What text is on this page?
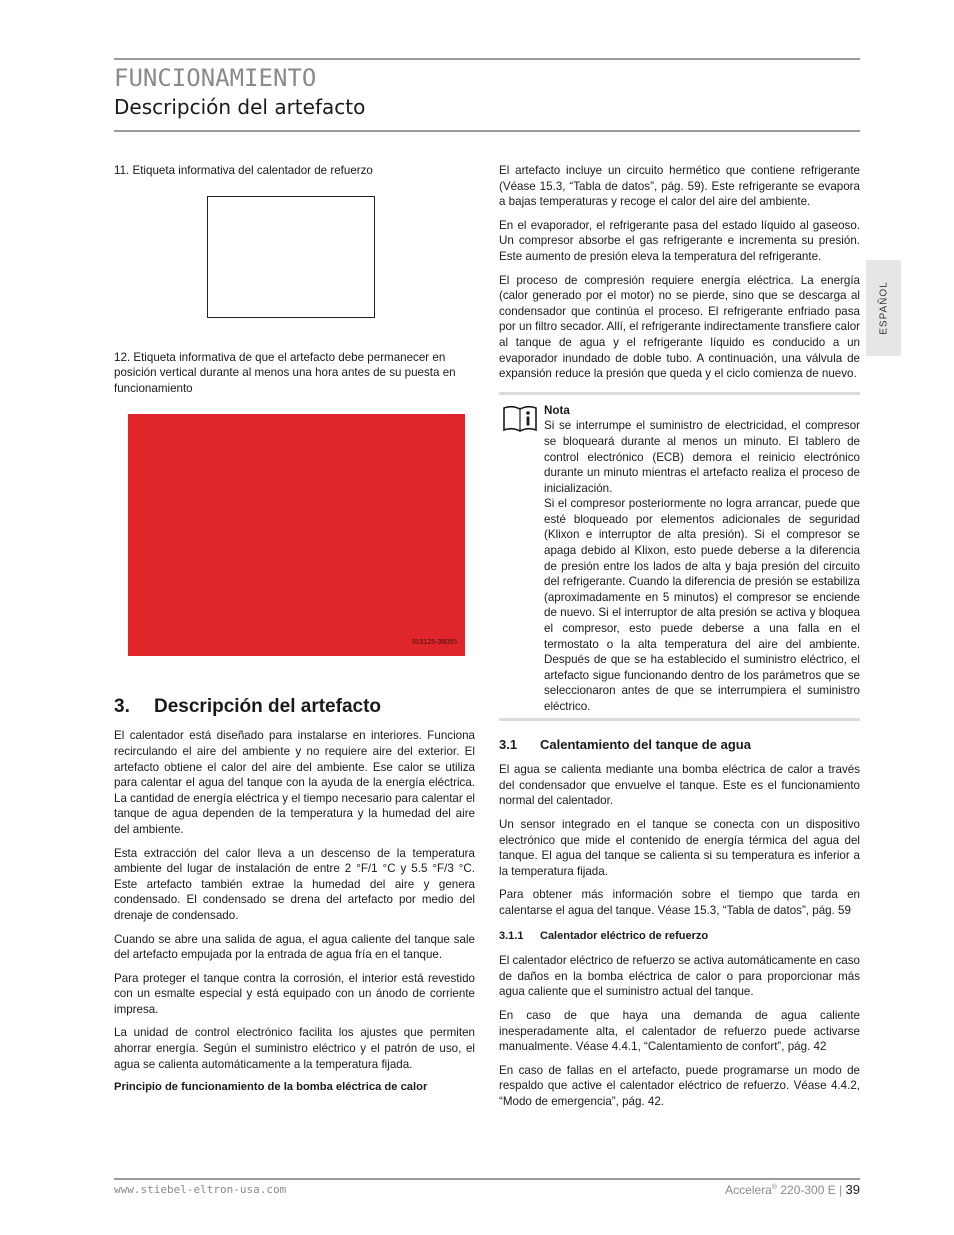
FUNCIONAMIENTO
Descripción del artefacto
ESPAÑOL

11. Etiqueta informativa del calentador de refuerzo

12. Etiqueta informativa de que el artefacto debe permanecer en posición vertical durante al menos una hora antes de su puesta en funcionamiento

315125-38055
3. Descripción del artefacto

El calentador está diseñado para instalarse en interiores. Funciona recirculando el aire del ambiente y no requiere aire del exterior. El artefacto obtiene el calor del aire del ambiente. Ese calor se utiliza para calentar el agua del tanque con la ayuda de la energía eléctrica. La cantidad de energía eléctrica y el tiempo necesario para calentar el tanque de agua dependen de la temperatura y la humedad del aire del ambiente.

Esta extracción del calor lleva a un descenso de la temperatura ambiente del lugar de instalación de entre 2 °F/1 °C y 5.5 °F/3 °C. Este artefacto también extrae la humedad del aire y genera condensado. El condensado se drena del artefacto por medio del drenaje de condensado.

Cuando se abre una salida de agua, el agua caliente del tanque sale del artefacto empujada por la entrada de agua fría en el tanque.

Para proteger el tanque contra la corrosión, el interior está revestido con un esmalte especial y está equipado con un ánodo de corriente impresa.

La unidad de control electrónico facilita los ajustes que permiten ahorrar energía. Según el suministro eléctrico y el patrón de uso, el agua se calienta automáticamente a la temperatura fijada.

Principio de funcionamiento de la bomba eléctrica de calor

El artefacto incluye un circuito hermético que contiene refrigerante (Véase 15.3, “Tabla de datos”, pág. 59). Este refrigerante se evapora a bajas temperaturas y recoge el calor del aire del ambiente.

En el evaporador, el refrigerante pasa del estado líquido al gaseoso. Un compresor absorbe el gas refrigerante e incrementa su presión. Este aumento de presión eleva la temperatura del refrigerante.

El proceso de compresión requiere energía eléctrica. La energía (calor generado por el motor) no se pierde, sino que se descarga al condensador que continúa el proceso. El refrigerante enfriado pasa por un filtro secador. Allí, el refrigerante indirectamente transfiere calor al tanque de agua y el refrigerante líquido es conducido a un evaporador inundado de doble tubo. A continuación, una válvula de expansión reduce la presión que queda y el ciclo comienza de nuevo.

Nota

Si se interrumpe el suministro de electricidad, el compresor se bloqueará durante al menos un minuto. El tablero de control electrónico (ECB) demora el reinicio electrónico durante un minuto mientras el artefacto realiza el proceso de inicialización.

Si el compresor posteriormente no logra arrancar, puede que esté bloqueado por elementos adicionales de seguridad (Klixon e interruptor de alta presión). Si el compresor se apaga debido al Klixon, esto puede deberse a la diferencia de presión entre los lados de alta y baja presión del circuito del refrigerante. Cuando la diferencia de presión se estabiliza (aproximadamente en 5 minutos) el compresor se enciende de nuevo. Si el interruptor de alta presión se activa y bloquea el compresor, esto puede deberse a una falla en el termostato o la alta temperatura del aire del ambiente. Después de que se ha establecido el suministro eléctrico, el artefacto sigue funcionando dentro de los parámetros que se seleccionaron antes de que se interrumpiera el suministro eléctrico.

3.1 Calentamiento del tanque de agua

El agua se calienta mediante una bomba eléctrica de calor a través del condensador que envuelve el tanque. Este es el funcionamiento normal del calentador.

Un sensor integrado en el tanque se conecta con un dispositivo electrónico que mide el contenido de energía térmica del agua del tanque. El agua del tanque se calienta si su temperatura es inferior a la temperatura fijada.

Para obtener más información sobre el tiempo que tarda en calentarse el agua del tanque. Véase 15.3, “Tabla de datos”, pág. 59

3.1.1 Calentador eléctrico de refuerzo

El calentador eléctrico de refuerzo se activa automáticamente en caso de daños en la bomba eléctrica de calor o para proporcionar más agua caliente que el suministro actual del tanque.

En caso de que haya una demanda de agua caliente inesperadamente alta, el calentador de refuerzo puede activarse manualmente. Véase 4.4.1, “Calentamiento de confort”, pág. 42

En caso de fallas en el artefacto, puede programarse un modo de respaldo que active el calentador eléctrico de refuerzo. Véase 4.4.2, “Modo de emergencia”, pág. 42.

www.stiebel-eltron-usa.com	Accelera® 220-300 E | 39
